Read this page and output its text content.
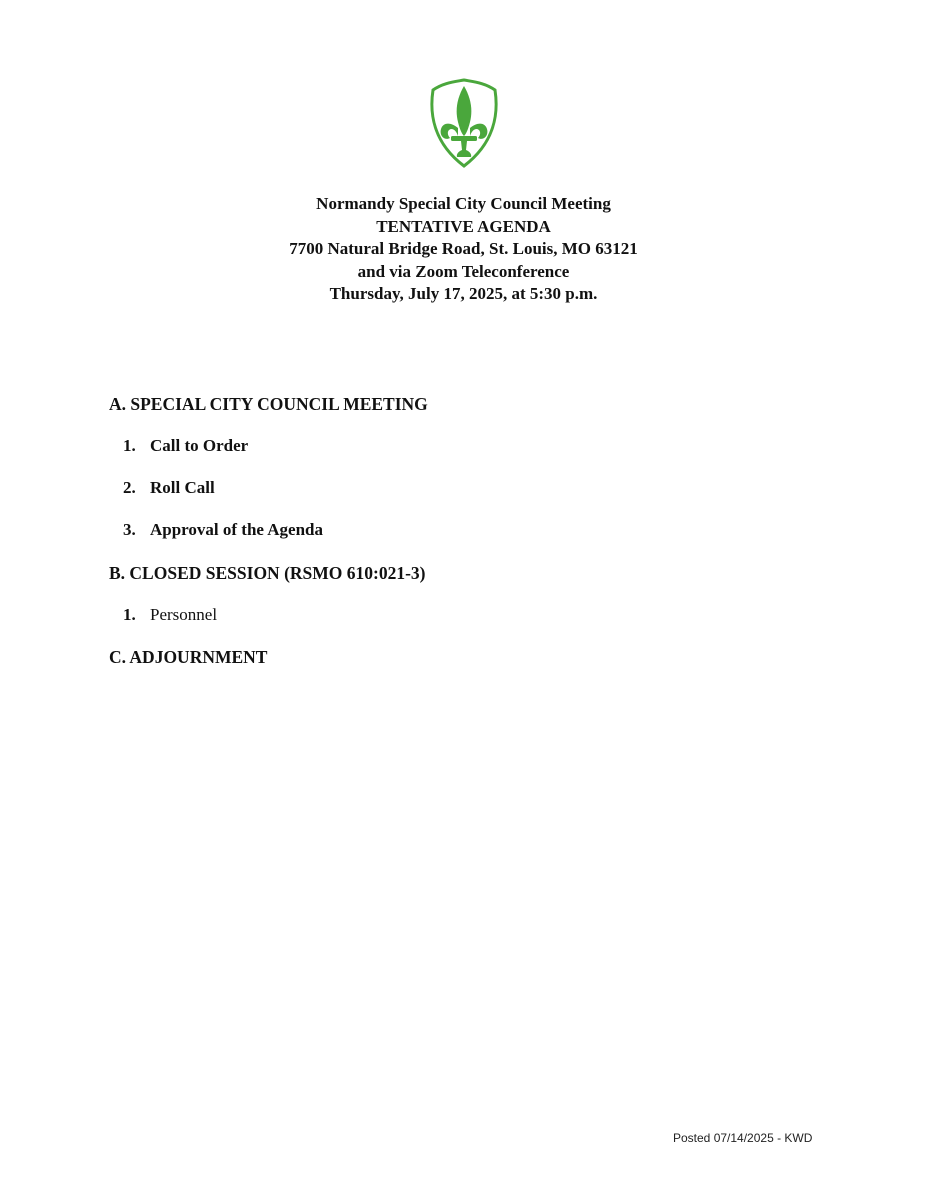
Normandy Special City Council Meeting
TENTATIVE AGENDA
7700 Natural Bridge Road, St. Louis, MO 63121
and via Zoom Teleconference
Thursday, July 17, 2025, at 5:30 p.m.
A. SPECIAL CITY COUNCIL MEETING
1. Call to Order
2. Roll Call
3. Approval of the Agenda
B. CLOSED SESSION (RSMO 610:021-3)
1. Personnel
C. ADJOURNMENT
Posted 07/14/2025 - KWD
